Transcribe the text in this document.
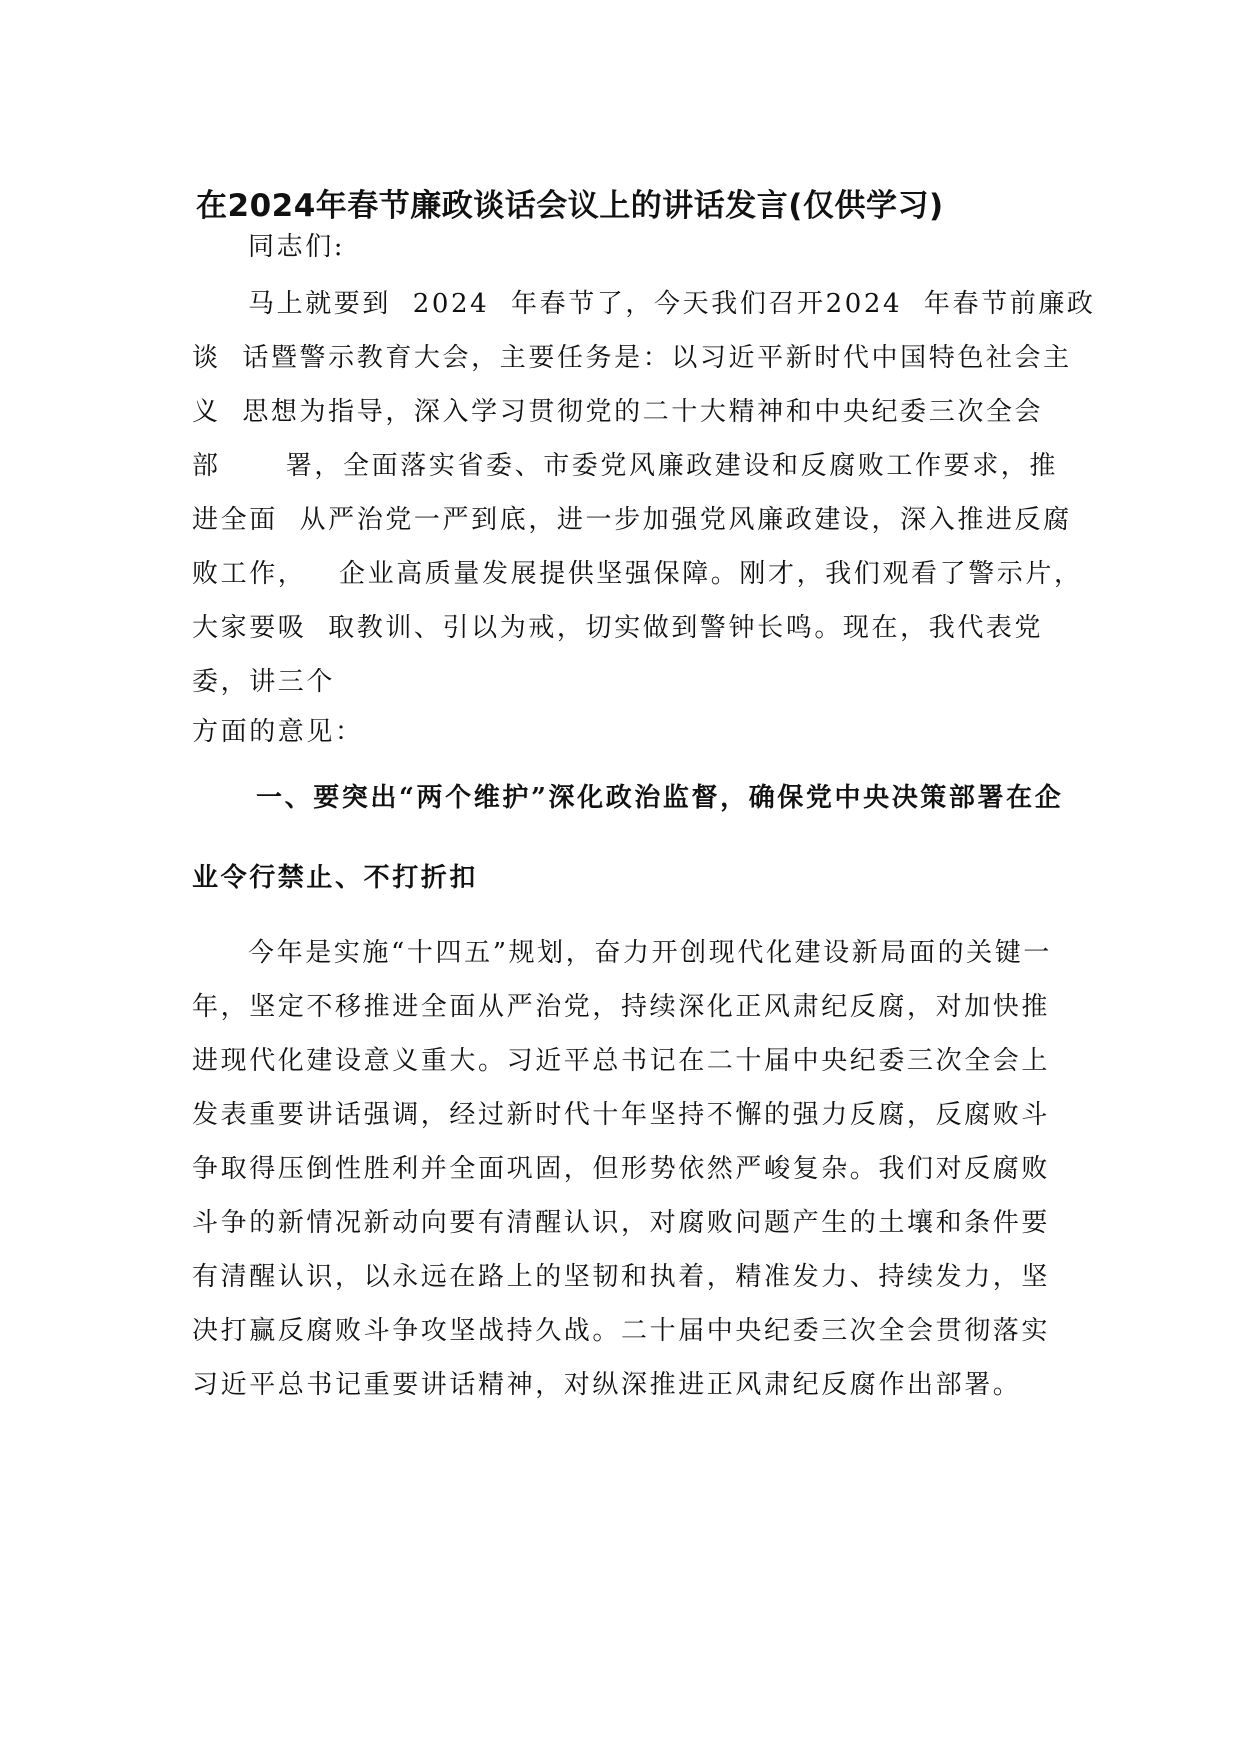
在2024年春节廉政谈话会议上的讲话发言(仅供学习)
同志们:
马上就要到  2024  年春节了，今天我们召开2024  年春节前廉政
谈  话暨警示教育大会，主要任务是：以习近平新时代中国特色社会主
义  思想为指导，深入学习贯彻党的二十大精神和中央纪委三次全会
部      署，全面落实省委、市委党风廉政建设和反腐败工作要求，推
进全面  从严治党一严到底，进一步加强党风廉政建设，深入推进反腐
败工作，   企业高质量发展提供坚强保障。刚才，我们观看了警示片，
大家要吸  取教训、引以为戒，切实做到警钟长鸣。现在，我代表党
委，讲三个
方面的意见：
一、要突出“两个维护”深化政治监督，确保党中央决策部署在企
业令行禁止、不打折扣
今年是实施“十四五”规划，奋力开创现代化建设新局面的关键一
年，坚定不移推进全面从严治党，持续深化正风肃纪反腐，对加快推
进现代化建设意义重大。习近平总书记在二十届中央纪委三次全会上
发表重要讲话强调，经过新时代十年坚持不懈的强力反腐，反腐败斗
争取得压倒性胜利并全面巩固，但形势依然严峻复杂。我们对反腐败
斗争的新情况新动向要有清醒认识，对腐败问题产生的土壤和条件要
有清醒认识，以永远在路上的坚韧和执着，精准发力、持续发力，坚
决打赢反腐败斗争攻坚战持久战。二十届中央纪委三次全会贯彻落实
习近平总书记重要讲话精神，对纵深推进正风肃纪反腐作出部署。
